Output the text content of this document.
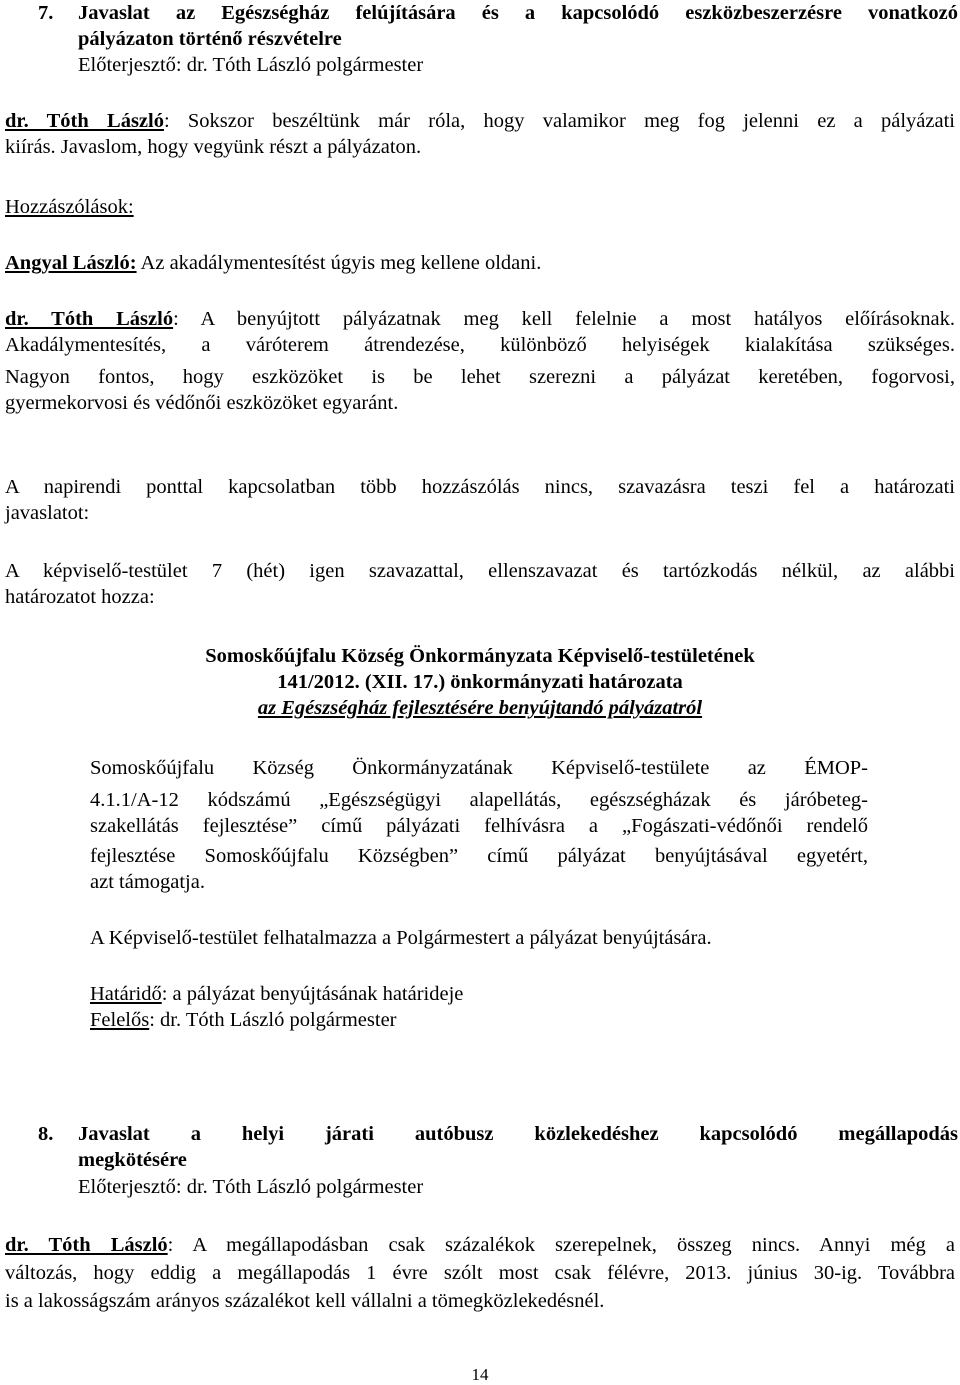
7. Javaslat az Egészségház felújítására és a kapcsolódó eszközbeszerzésre vonatkozó
pályázaton történő részvételre
Előterjesztő: dr. Tóth László polgármester
dr. Tóth László: Sokszor beszéltünk már róla, hogy valamikor meg fog jelenni ez a pályázati
kiírás. Javaslom, hogy vegyünk részt a pályázaton.
Hozzászólások:
Angyal László: Az akadálymentesítést úgyis meg kellene oldani.
dr. Tóth László: A benyújtott pályázatnak meg kell felelnie a most hatályos előírásoknak.
Akadálymentesítés, a váróterem átrendezése, különböző helyiségek kialakítása szükséges.
Nagyon fontos, hogy eszközöket is be lehet szerezni a pályázat keretében, fogorvosi,
gyermekorvosi és védőnői eszközöket egyaránt.
A napirendi ponttal kapcsolatban több hozzászólás nincs, szavazásra teszi fel a határozati
javaslatot:
A képviselő-testület 7 (hét) igen szavazattal, ellenszavazat és tartózkodás nélkül, az alábbi
határozatot hozza:
Somoskőújfalu Község Önkormányzata Képviselő-testületének
141/2012. (XII. 17.) önkormányzati határozata
az Egészségház fejlesztésére benyújtandó pályázatról
Somoskőújfalu Község Önkormányzatának Képviselő-testülete az ÉMOP-
4.1.1/A-12 kódszámú „Egészségügyi alapellátás, egészségházak és járóbeteg-
szakellátás fejlesztése” című pályázati felhívásra a „Fogászati-védőnői rendelő
fejlesztése Somoskőújfalu Községben” című pályázat benyújtásával egyetért,
azt támogatja.
A Képviselő-testület felhatalmazza a Polgármestert a pályázat benyújtására.
Határidő: a pályázat benyújtásának határideje
Felelős: dr. Tóth László polgármester
8. Javaslat a helyi járati autóbusz közlekedéshez kapcsolódó megállapodás
megkötésére
Előterjesztő: dr. Tóth László polgármester
dr. Tóth László: A megállapodásban csak százalékok szerepelnek, összeg nincs. Annyi még a
változás, hogy eddig a megállapodás 1 évre szólt most csak félévre, 2013. június 30-ig. Továbbra
is a lakosságszám arányos százalékot kell vállalni a tömegközlekedésnél.
14
